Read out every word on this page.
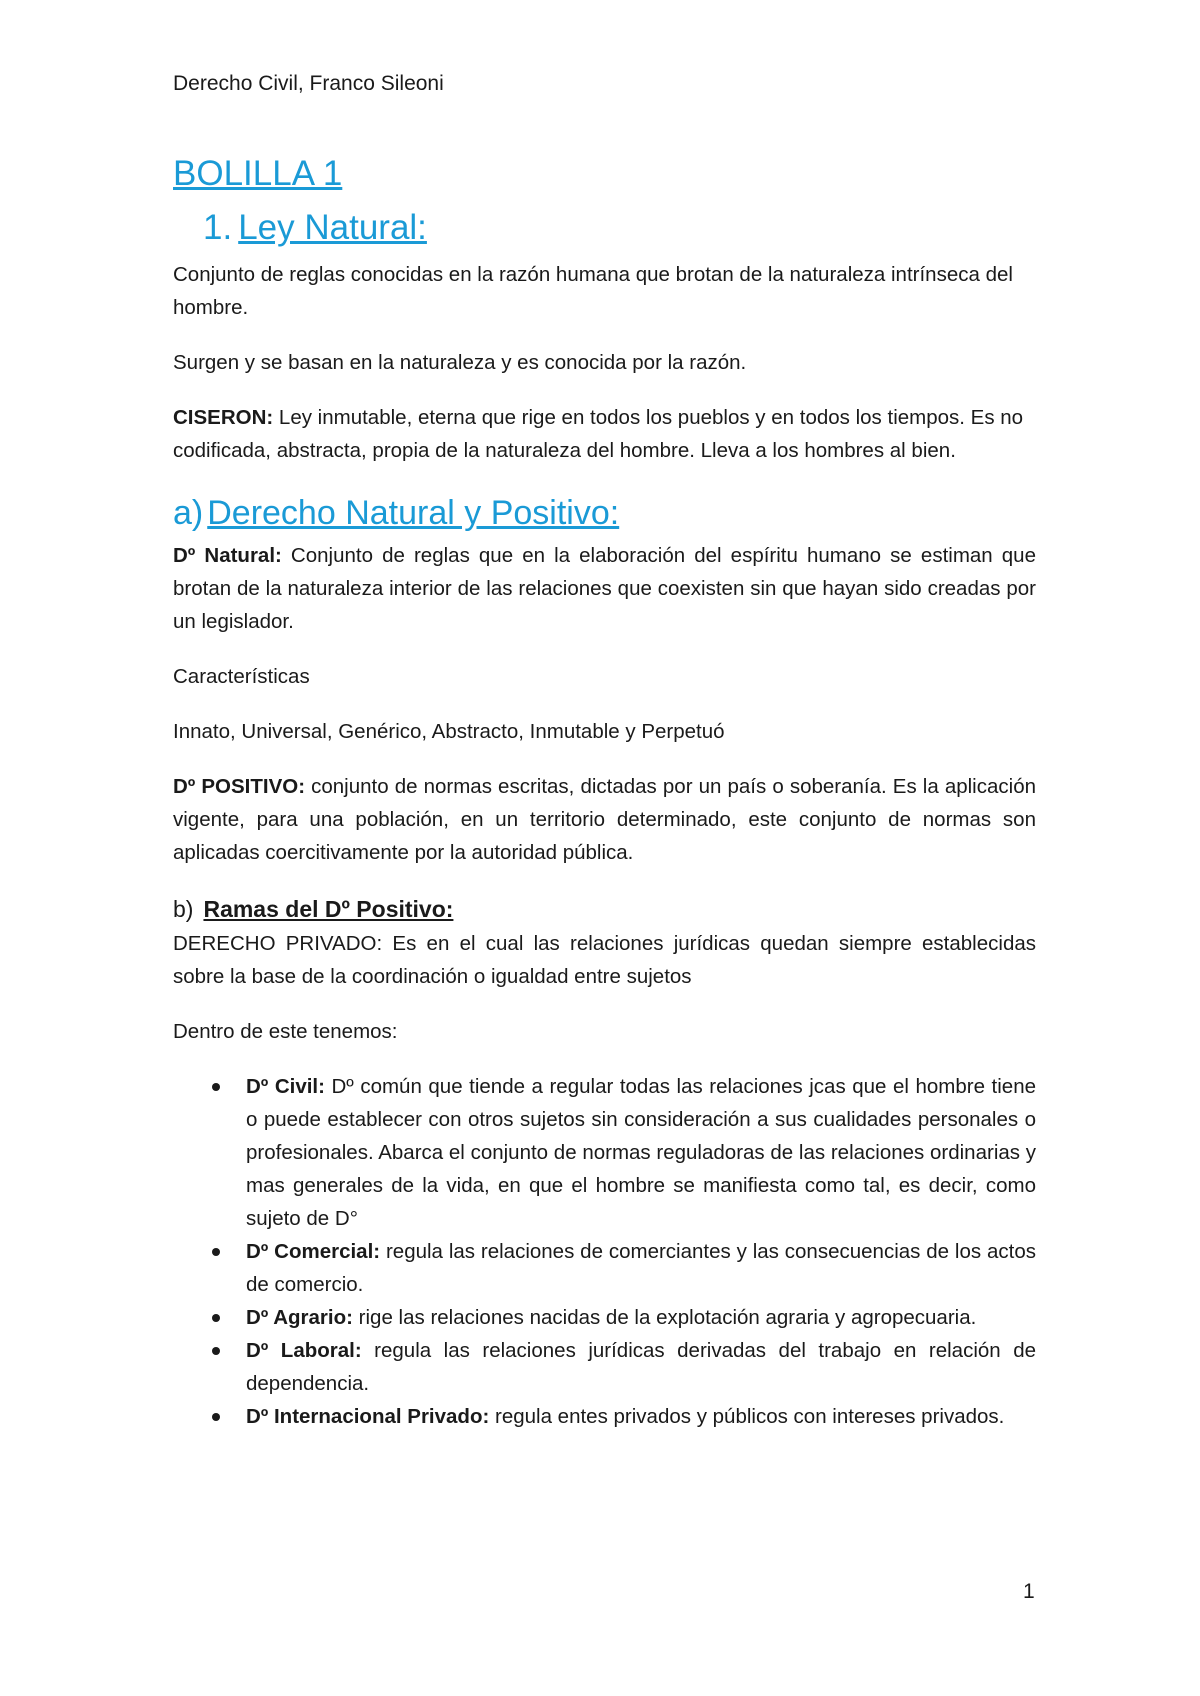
Derecho Civil, Franco Sileoni
BOLILLA 1
1. Ley Natural:

Conjunto de reglas conocidas en la razón humana que brotan de la naturaleza intrínseca del hombre.

Surgen y se basan en la naturaleza y es conocida por la razón.

CISERON: Ley inmutable, eterna que rige en todos los pueblos y en todos los tiempos. Es no codificada, abstracta, propia de la naturaleza del hombre. Lleva a los hombres al bien.

a) Derecho Natural y Positivo:

Dº Natural: Conjunto de reglas que en la elaboración del espíritu humano se estiman que brotan de la naturaleza interior de las relaciones que coexisten sin que hayan sido creadas por un legislador.

Características

Innato, Universal, Genérico, Abstracto, Inmutable y Perpetuó

Dº POSITIVO: conjunto de normas escritas, dictadas por un país o soberanía. Es la aplicación vigente, para una población, en un territorio determinado, este conjunto de normas son aplicadas coercitivamente por la autoridad pública.

b) Ramas del Dº Positivo:

DERECHO PRIVADO: Es en el cual las relaciones jurídicas quedan siempre establecidas sobre la base de la coordinación o igualdad entre sujetos

Dentro de este tenemos:

Dº Civil: Dº común que tiende a regular todas las relaciones jcas que el hombre tiene o puede establecer con otros sujetos sin consideración a sus cualidades personales o profesionales. Abarca el conjunto de normas reguladoras de las relaciones ordinarias y mas generales de la vida, en que el hombre se manifiesta como tal, es decir, como sujeto de D°
Dº Comercial: regula las relaciones de comerciantes y las consecuencias de los actos de comercio.
Dº Agrario: rige las relaciones nacidas de la explotación agraria y agropecuaria.
Dº Laboral: regula las relaciones jurídicas derivadas del trabajo en relación de dependencia.
Dº Internacional Privado: regula entes privados y públicos con intereses privados.
1
